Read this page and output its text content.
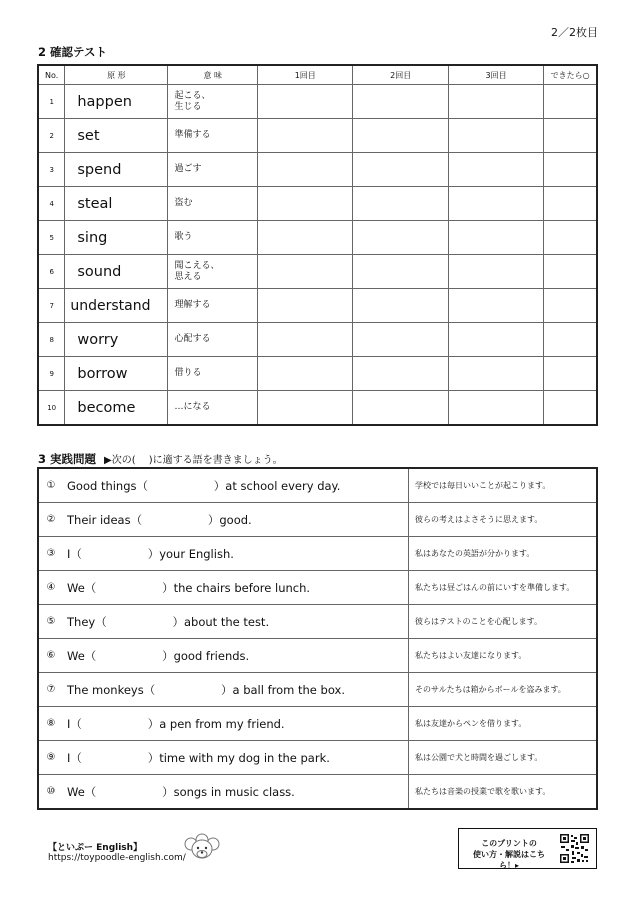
2／2枚目
2 確認テスト
No.	原 形	意 味	1回目	2回目	3回目	できたら○
1	happen	起こる、
生じる				

2	set	準備する				

3	spend	過ごす				

4	steal	盗む				

5	sing	歌う				

6	sound	聞こえる、
思える				

7	understand	理解する				

8	worry	心配する				

9	borrow	借りる				

10	become	…になる				

3 実践問題 ▶次の(　 )に適する語を書きましょう。
①	Good things（                  ）at school every day.	学校では毎日いいことが起こります。
②	Their ideas（                  ）good.	彼らの考えはよさそうに思えます。
③	I（                  ）your English.	私はあなたの英語が分かります。
④	We（                  ）the chairs before lunch.	私たちは昼ごはんの前にいすを準備します。
⑤	They（                  ）about the test.	彼らはテストのことを心配します。
⑥	We（                  ）good friends.	私たちはよい友達になります。
⑦	The monkeys（                  ）a ball from the box.	そのサルたちは箱からボールを盗みます。
⑧	I（                  ）a pen from my friend.	私は友達からペンを借ります。
⑨	I（                  ）time with my dog in the park.	私は公園で犬と時間を過ごします。
⑩	We（                  ）songs in music class.	私たちは音楽の授業で歌を歌います。
【といぷー English】
https://toypoodle-english.com/
このプリントの
使い方・解説はこちら！▸
